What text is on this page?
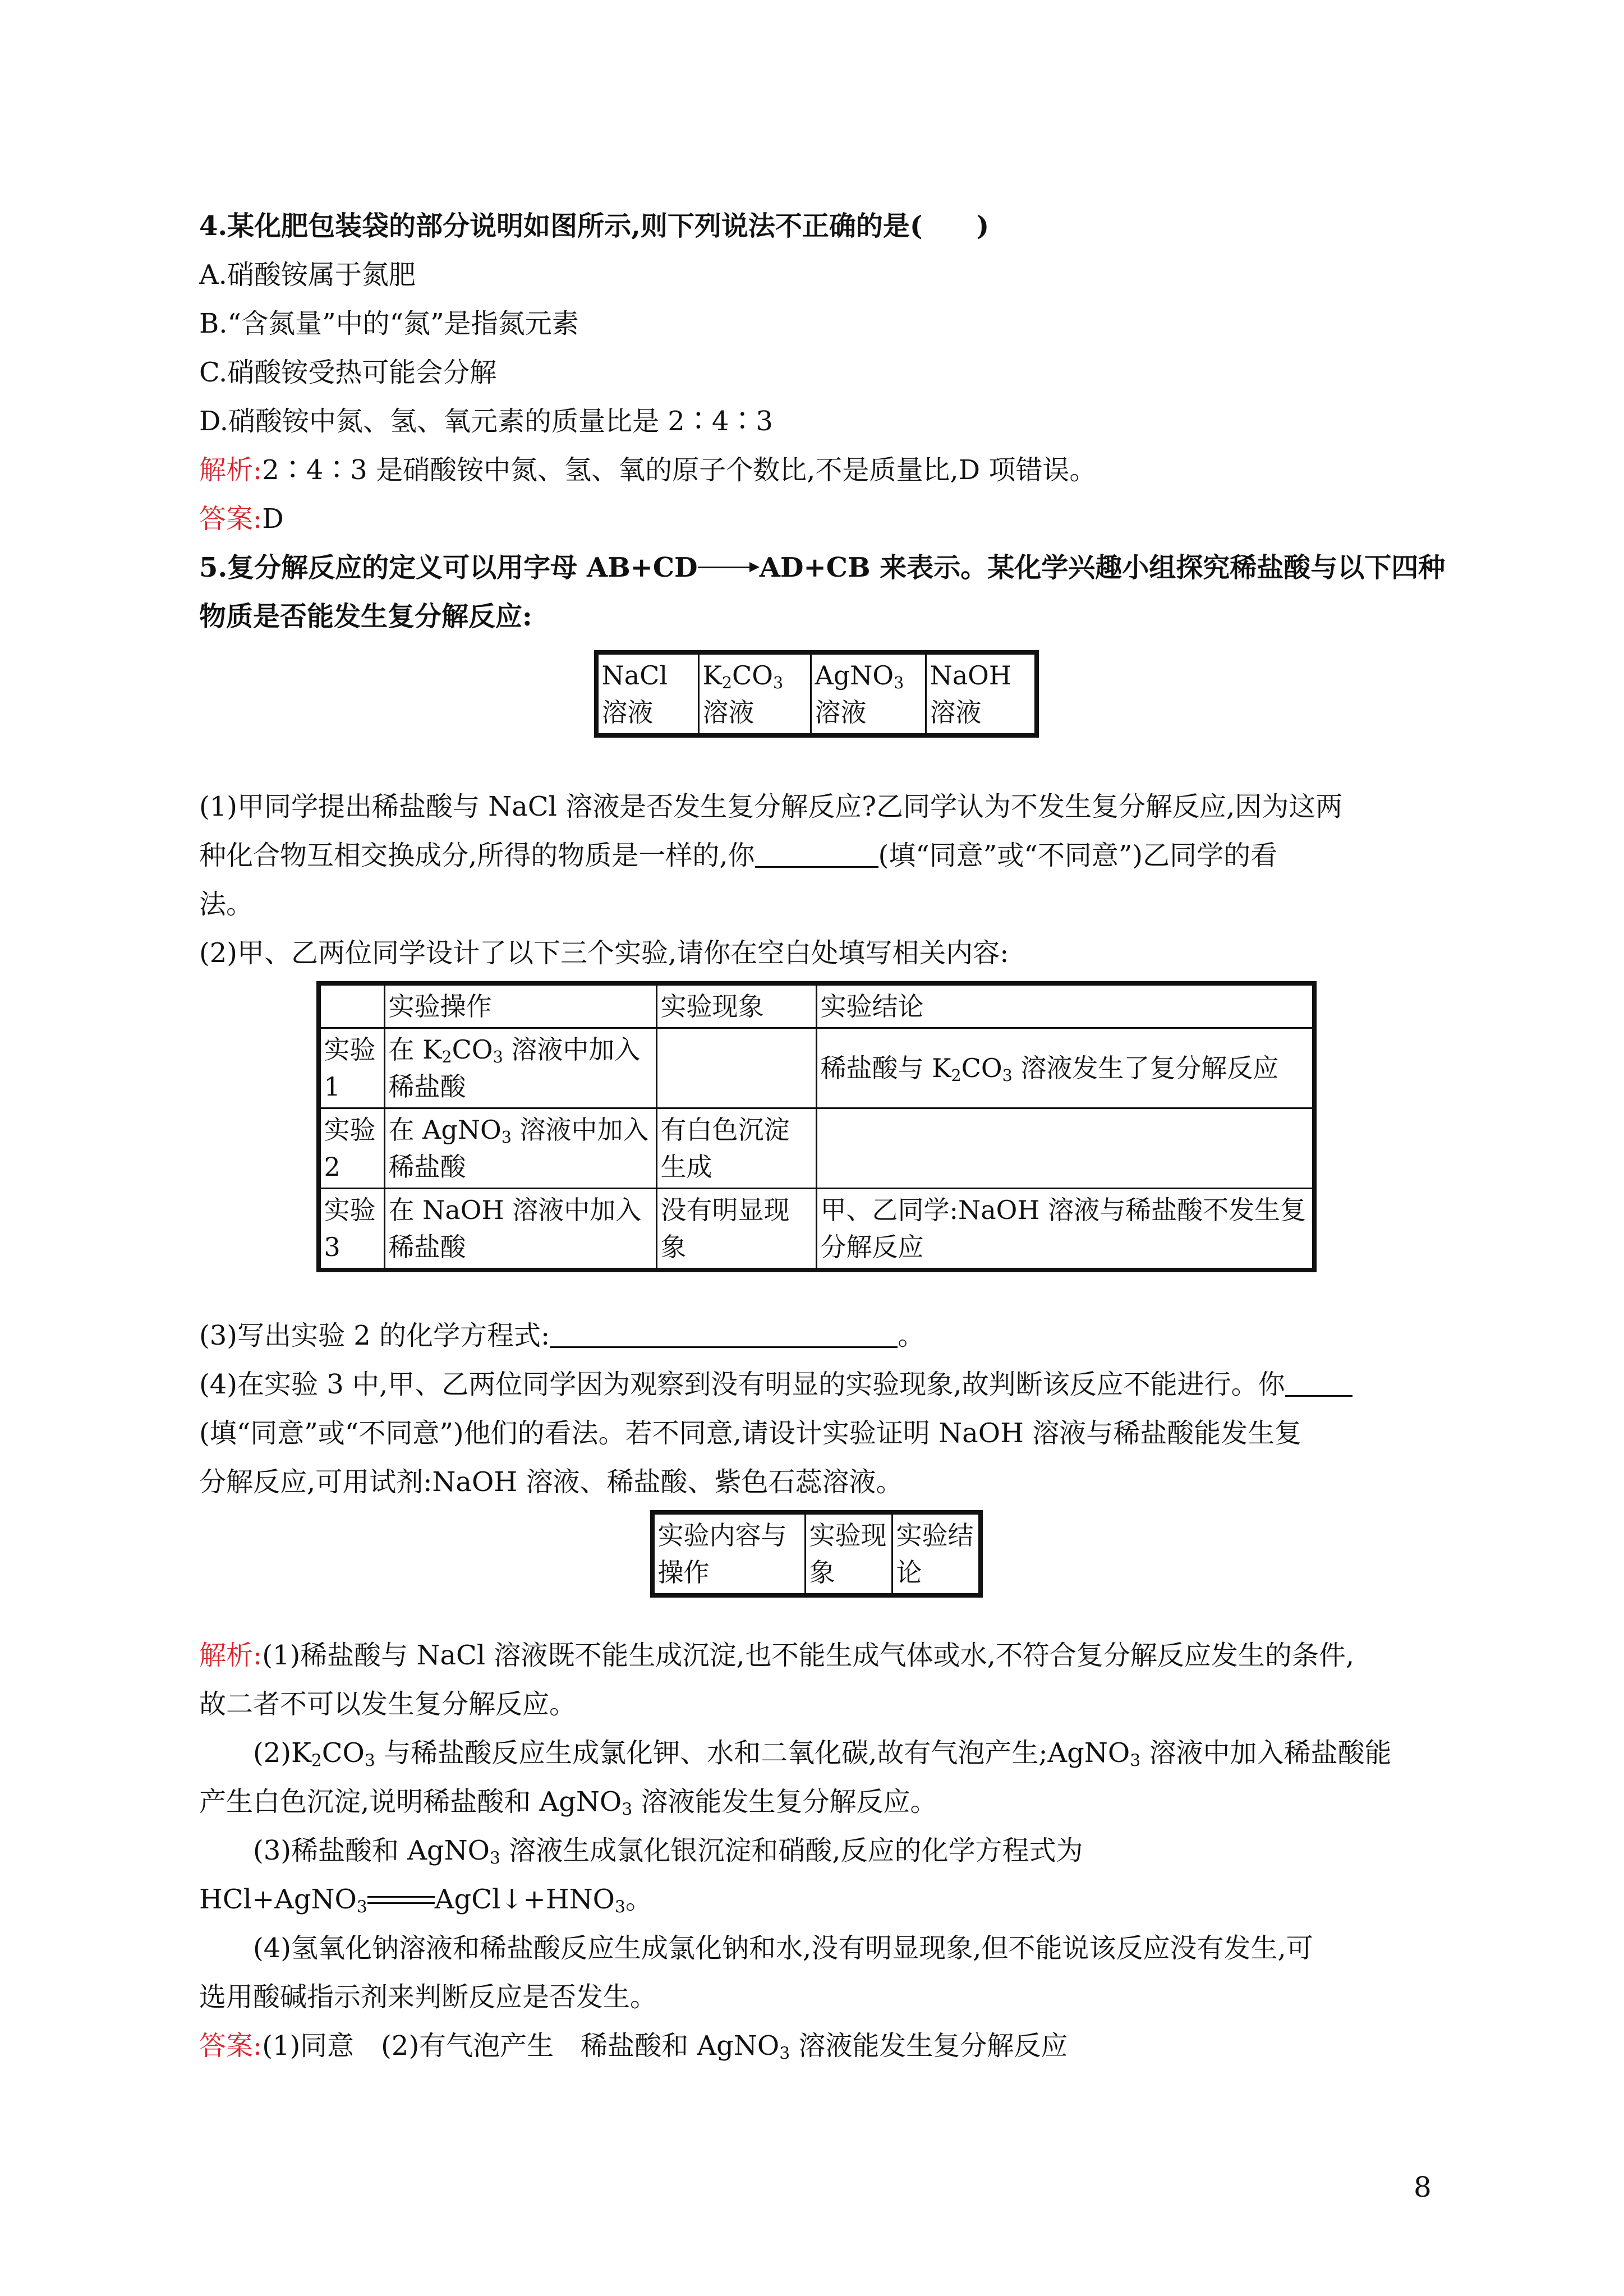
4.某化肥包装袋的部分说明如图所示,则下列说法不正确的是(　　)

A.硝酸铵属于氮肥

B.“含氮量”中的“氮”是指氮元素

C.硝酸铵受热可能会分解

D.硝酸铵中氮、氢、氧元素的质量比是 2∶4∶3

解析:2∶4∶3 是硝酸铵中氮、氢、氧的原子个数比,不是质量比,D 项错误。

答案:D

5.复分解反应的定义可以用字母 AB+CD AD+CB 来表示。某化学兴趣小组探究稀盐酸与以下四种

物质是否能发生复分解反应:

NaCl 溶液	$K_2CO_3$ 溶液	AgNO$_3$ 溶液	NaOH 溶液

(1)甲同学提出稀盐酸与 NaCl 溶液是否发生复分解反应?乙同学认为不发生复分解反应,因为这两

种化合物互相交换成分,所得的物质是一样的,你	(填“同意”或“不同意”)乙同学的看

法。

(2)甲、乙两位同学设计了以下三个实验,请你在空白处填写相关内容:

	实验操作	实验现象	实验结论
实验 1	在 $K_2CO_3$ 溶液中加入稀盐酸		稀盐酸与 $K_2CO_3$ 溶液发生了复分解反应
实验 2	在 AgNO$_3$ 溶液中加入稀盐酸	有白色沉淀生成	
实验 3	在 NaOH 溶液中加入稀盐酸	没有明显现象	甲、乙同学:NaOH 溶液与稀盐酸不发生复分解反应

(3)写出实验 2 的化学方程式:	。

(4)在实验 3 中,甲、乙两位同学因为观察到没有明显的实验现象,故判断该反应不能进行。你

(填“同意”或“不同意”)他们的看法。若不同意,请设计实验证明 NaOH 溶液与稀盐酸能发生复

分解反应,可用试剂:NaOH 溶液、稀盐酸、紫色石蕊溶液。

实验内容与操作	实验现象	实验结论

解析:(1)稀盐酸与 NaCl 溶液既不能生成沉淀,也不能生成气体或水,不符合复分解反应发生的条件,

故二者不可以发生复分解反应。

$(2)K_2CO_3$ 与稀盐酸反应生成氯化钾、水和二氧化碳,故有气泡产生;AgNO$_3$ 溶液中加入稀盐酸能

产生白色沉淀,说明稀盐酸和 AgNO$_3$ 溶液能发生复分解反应。

(3)稀盐酸和 AgNO$_3$ 溶液生成氯化银沉淀和硝酸,反应的化学方程式为

HCl+AgNO$_3$	$AgCl↓+HNO_3$。

(4)氢氧化钠溶液和稀盐酸反应生成氯化钠和水,没有明显现象,但不能说该反应没有发生,可

选用酸碱指示剂来判断反应是否发生。

答案:(1)同意　(2)有气泡产生　稀盐酸和 AgNO$_3$ 溶液能发生复分解反应

8
